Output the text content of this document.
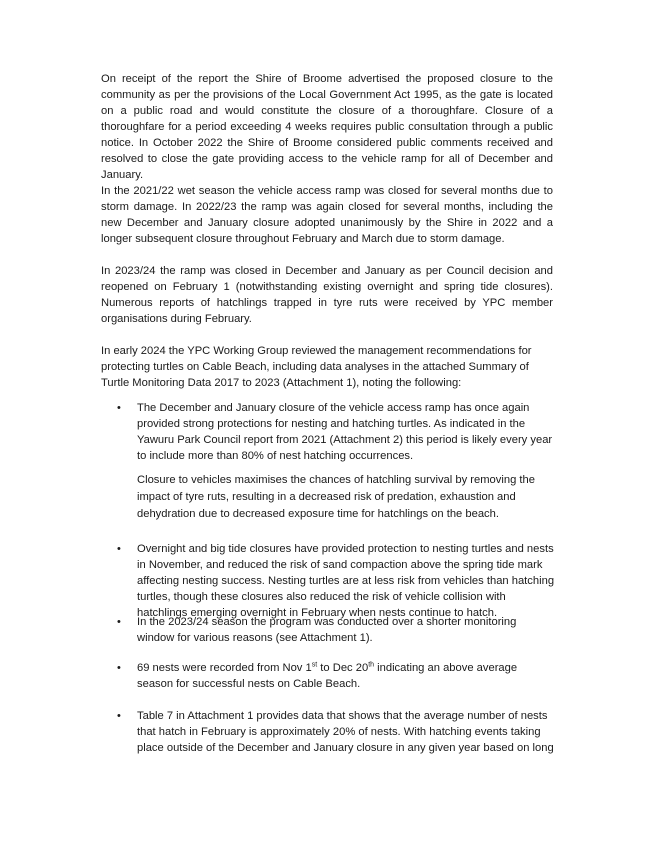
On receipt of the report the Shire of Broome advertised the proposed closure to the community as per the provisions of the Local Government Act 1995, as the gate is located on a public road and would constitute the closure of a thoroughfare. Closure of a thoroughfare for a period exceeding 4 weeks requires public consultation through a public notice. In October 2022 the Shire of Broome considered public comments received and resolved to close the gate providing access to the vehicle ramp for all of December and January.

In the 2021/22 wet season the vehicle access ramp was closed for several months due to storm damage. In 2022/23 the ramp was again closed for several months, including the new December and January closure adopted unanimously by the Shire in 2022 and a longer subsequent closure throughout February and March due to storm damage.

In 2023/24 the ramp was closed in December and January as per Council decision and reopened on February 1 (notwithstanding existing overnight and spring tide closures). Numerous reports of hatchlings trapped in tyre ruts were received by YPC member organisations during February.

In early 2024 the YPC Working Group reviewed the management recommendations for protecting turtles on Cable Beach, including data analyses in the attached Summary of Turtle Monitoring Data 2017 to 2023 (Attachment 1), noting the following:

•	The December and January closure of the vehicle access ramp has once again provided strong protections for nesting and hatching turtles. As indicated in the Yawuru Park Council report from 2021 (Attachment 2) this period is likely every year to include more than 80% of nest hatching occurrences.

Closure to vehicles maximises the chances of hatchling survival by removing the impact of tyre ruts, resulting in a decreased risk of predation, exhaustion and dehydration due to decreased exposure time for hatchlings on the beach.

•	Overnight and big tide closures have provided protection to nesting turtles and nests in November, and reduced the risk of sand compaction above the spring tide mark affecting nesting success. Nesting turtles are at less risk from vehicles than hatching turtles, though these closures also reduced the risk of vehicle collision with hatchlings emerging overnight in February when nests continue to hatch.

•	In the 2023/24 season the program was conducted over a shorter monitoring window for various reasons (see Attachment 1).

•	69 nests were recorded from Nov 1st to Dec 20th indicating an above average season for successful nests on Cable Beach.

•	Table 7 in Attachment 1 provides data that shows that the average number of nests that hatch in February is approximately 20% of nests. With hatching events taking place outside of the December and January closure in any given year based on long
